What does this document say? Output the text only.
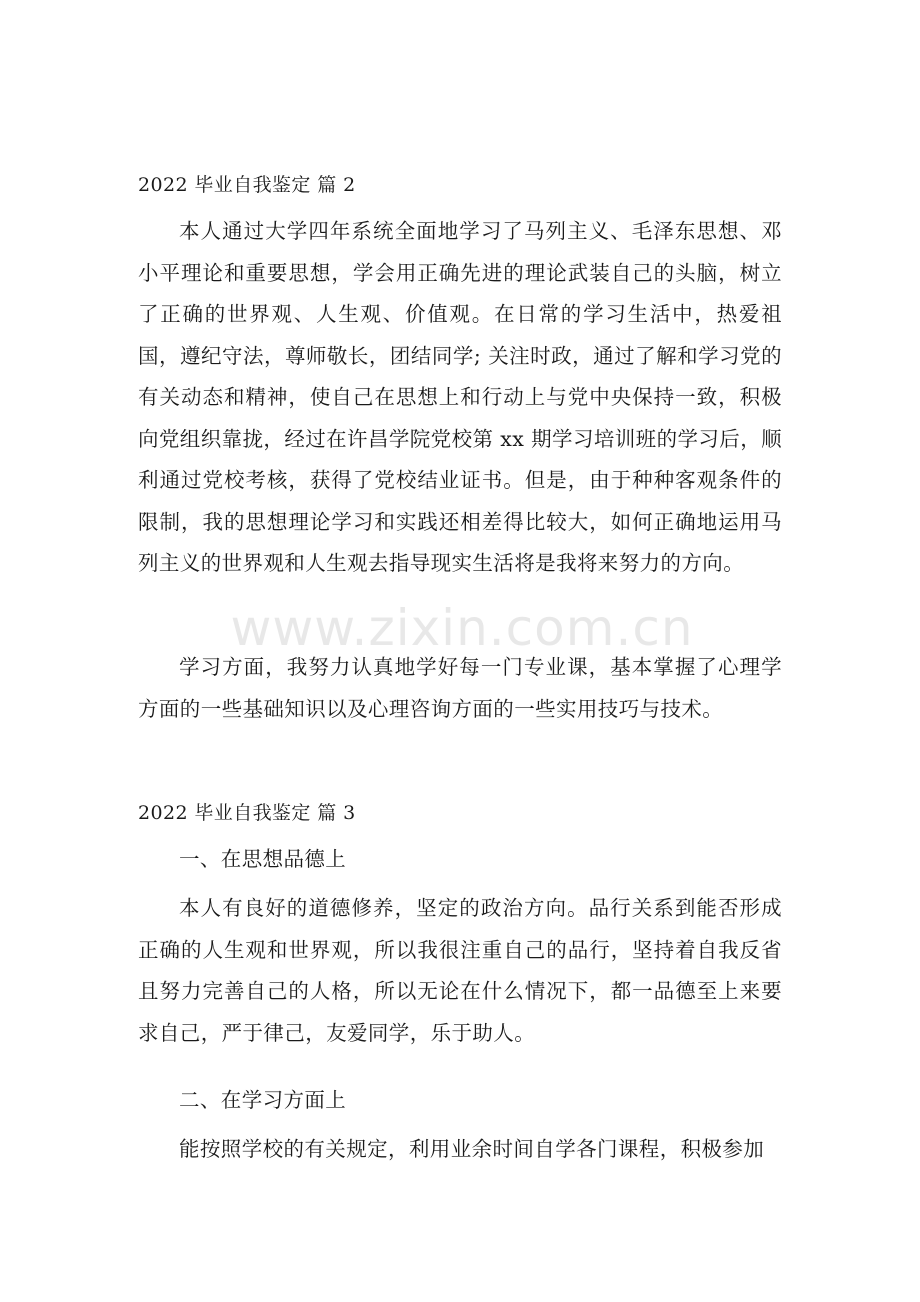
www.zixin.com.cn
2022 毕业自我鉴定 篇 2

本人通过大学四年系统全面地学习了马列主义、毛泽东思想、邓小平理论和重要思想，学会用正确先进的理论武装自己的头脑，树立了正确的世界观、人生观、价值观。在日常的学习生活中，热爱祖国，遵纪守法，尊师敬长，团结同学; 关注时政，通过了解和学习党的有关动态和精神，使自己在思想上和行动上与党中央保持一致，积极向党组织靠拢，经过在许昌学院党校第 xx 期学习培训班的学习后，顺利通过党校考核，获得了党校结业证书。但是，由于种种客观条件的限制，我的思想理论学习和实践还相差得比较大，如何正确地运用马列主义的世界观和人生观去指导现实生活将是我将来努力的方向。

学习方面，我努力认真地学好每一门专业课，基本掌握了心理学方面的一些基础知识以及心理咨询方面的一些实用技巧与技术。

2022 毕业自我鉴定 篇 3
一、在思想品德上

本人有良好的道德修养，坚定的政治方向。品行关系到能否形成正确的人生观和世界观，所以我很注重自己的品行，坚持着自我反省且努力完善自己的人格，所以无论在什么情况下，都一品德至上来要求自己，严于律己，友爱同学，乐于助人。

二、在学习方面上

能按照学校的有关规定，利用业余时间自学各门课程，积极参加
